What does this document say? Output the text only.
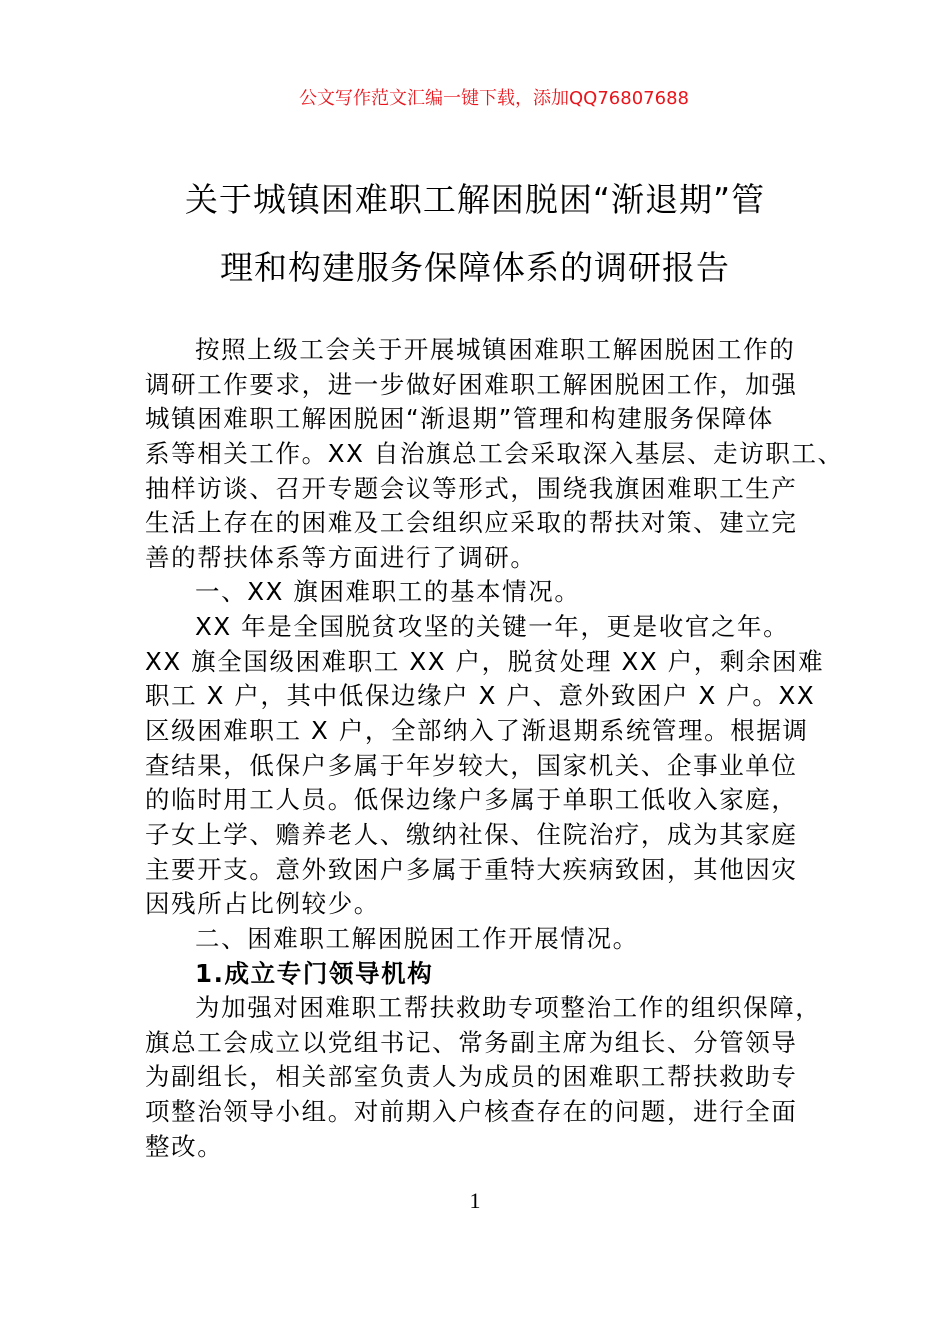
公文写作范文汇编一键下载，添加QQ76807688
关于城镇困难职工解困脱困“渐退期”管
理和构建服务保障体系的调研报告
按照上级工会关于开展城镇困难职工解困脱困工作的
调研工作要求，进一步做好困难职工解困脱困工作，加强
城镇困难职工解困脱困“渐退期”管理和构建服务保障体
系等相关工作。XX 自治旗总工会采取深入基层、走访职工、
抽样访谈、召开专题会议等形式，围绕我旗困难职工生产
生活上存在的困难及工会组织应采取的帮扶对策、建立完
善的帮扶体系等方面进行了调研。
一、XX 旗困难职工的基本情况。
XX 年是全国脱贫攻坚的关键一年，更是收官之年。
XX 旗全国级困难职工 XX 户，脱贫处理 XX 户，剩余困难
职工 X 户，其中低保边缘户 X 户、意外致困户 X 户。XX
区级困难职工 X 户，全部纳入了渐退期系统管理。根据调
查结果，低保户多属于年岁较大，国家机关、企事业单位
的临时用工人员。低保边缘户多属于单职工低收入家庭，
子女上学、赡养老人、缴纳社保、住院治疗，成为其家庭
主要开支。意外致困户多属于重特大疾病致困，其他因灾
因残所占比例较少。
二、困难职工解困脱困工作开展情况。
1.成立专门领导机构
为加强对困难职工帮扶救助专项整治工作的组织保障，
旗总工会成立以党组书记、常务副主席为组长、分管领导
为副组长，相关部室负责人为成员的困难职工帮扶救助专
项整治领导小组。对前期入户核查存在的问题，进行全面
整改。
1
